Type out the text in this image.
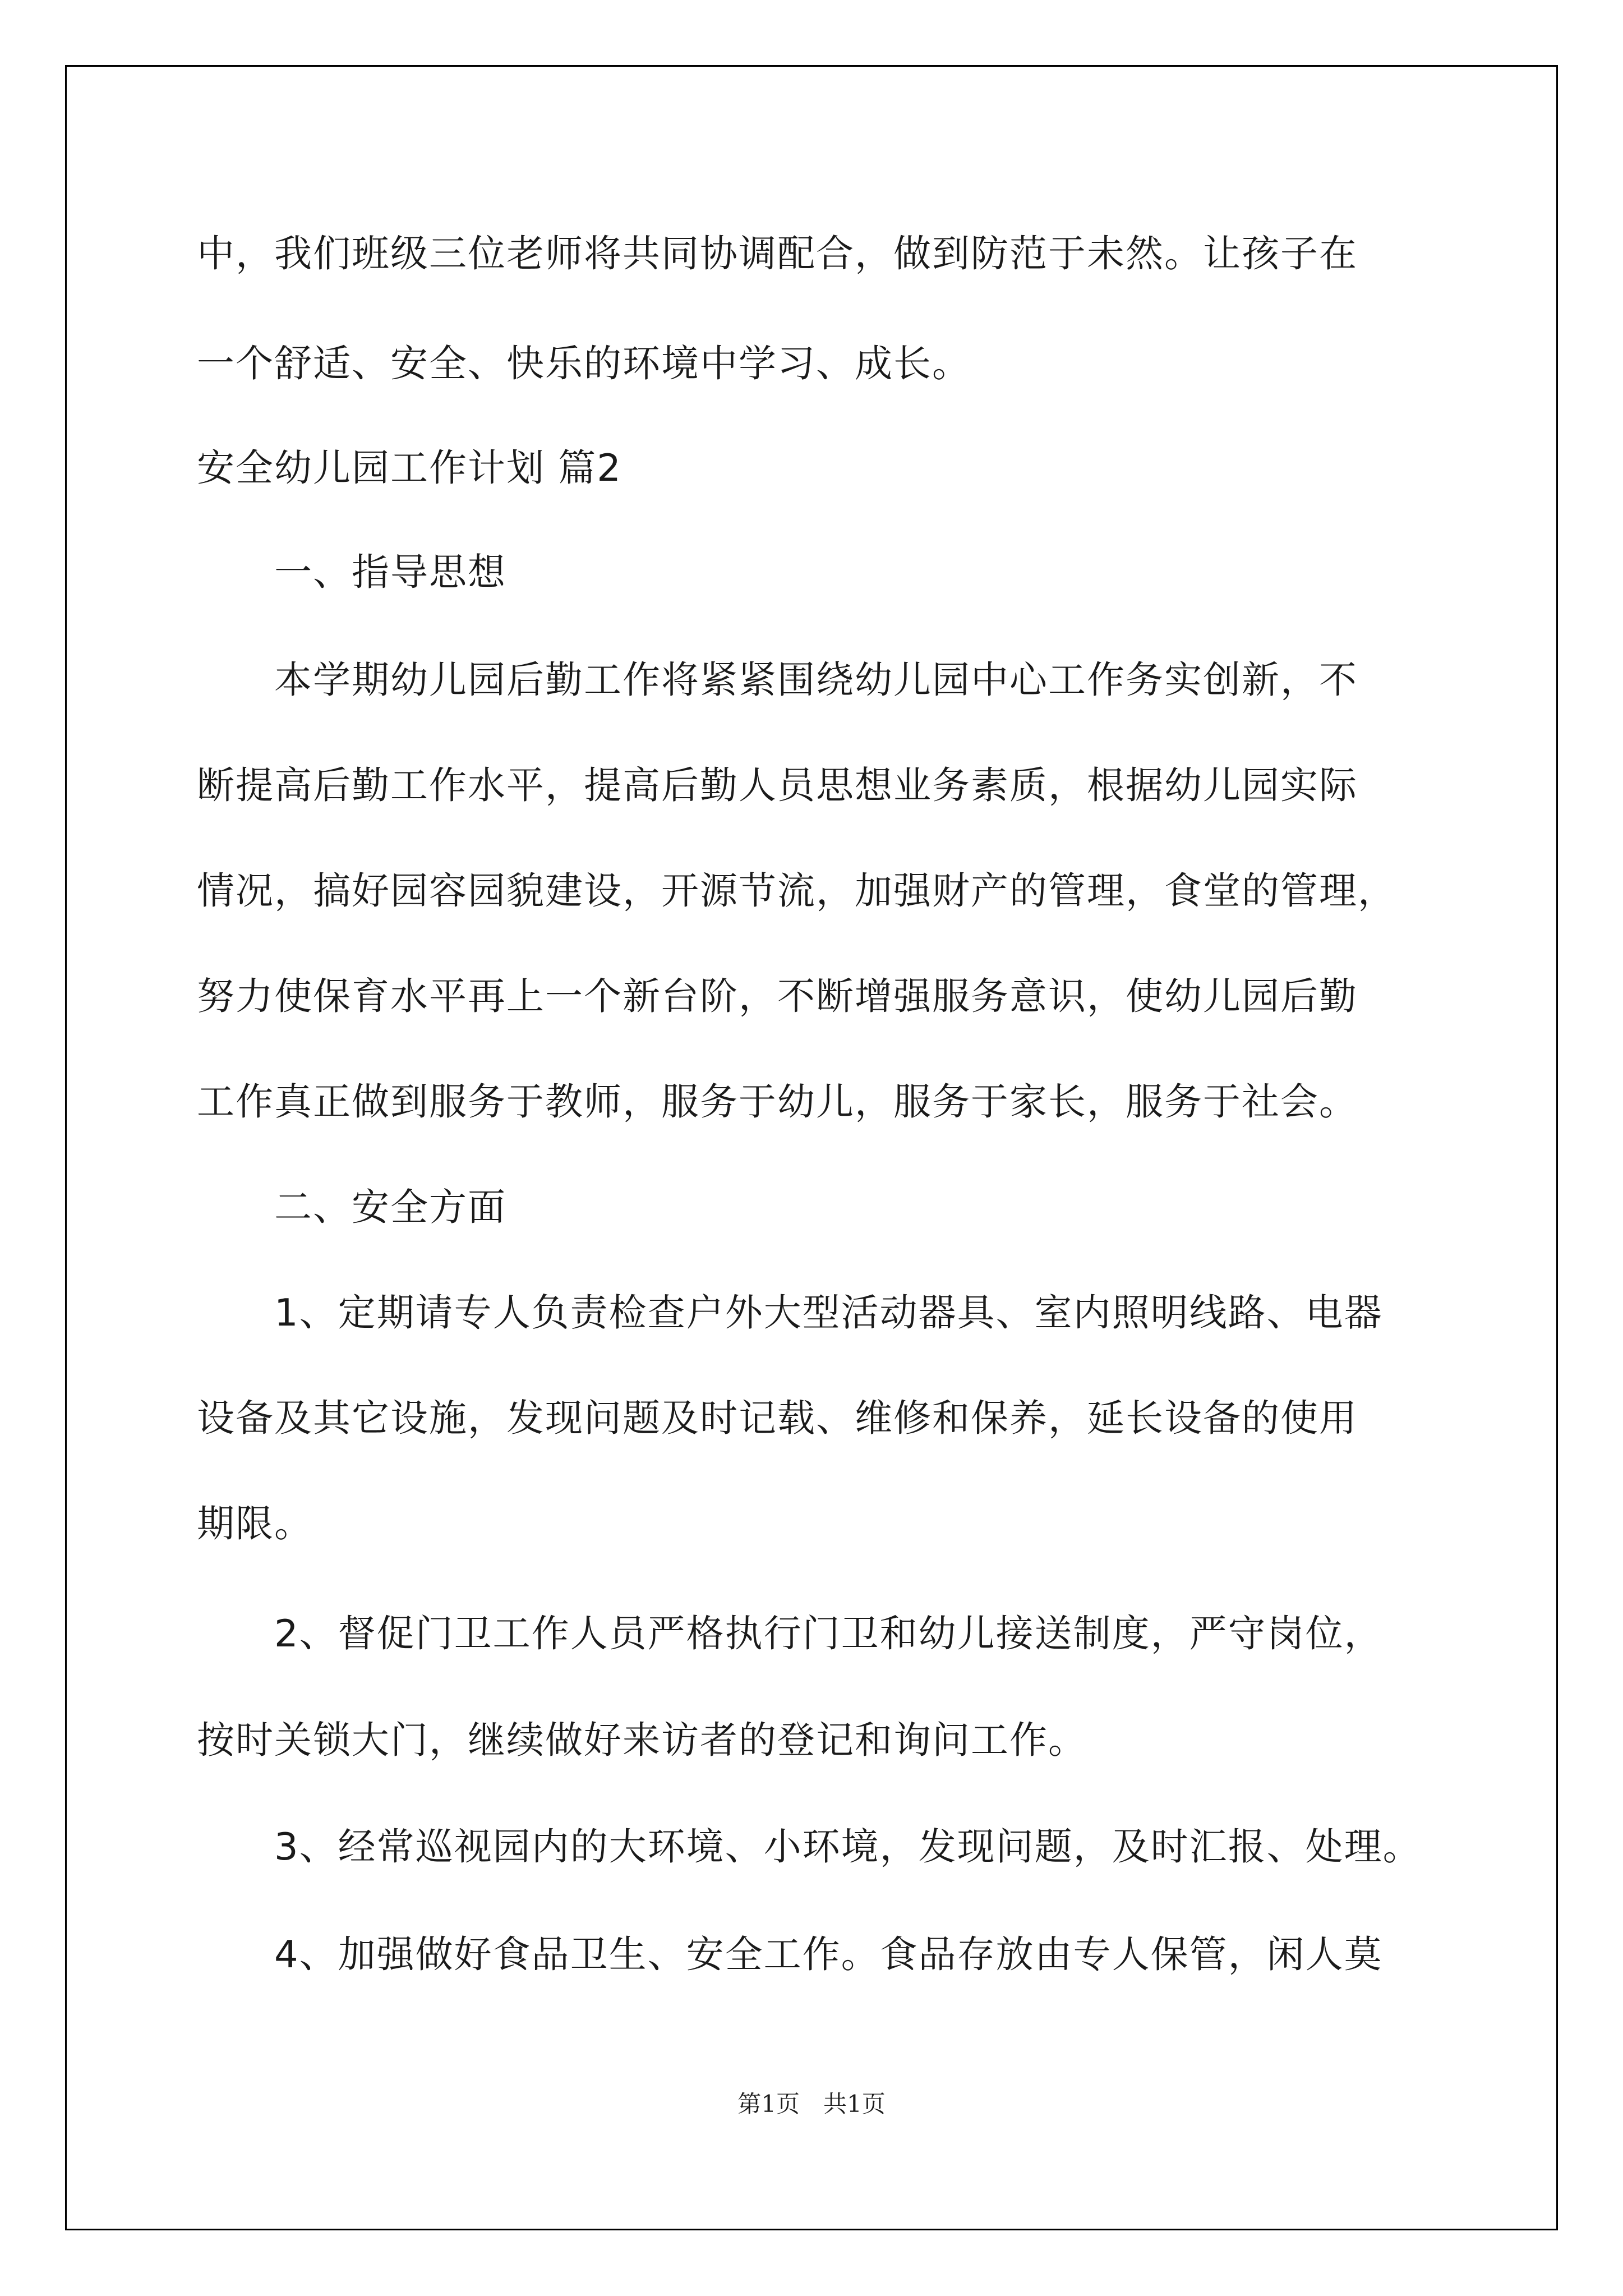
中，我们班级三位老师将共同协调配合，做到防范于未然。让孩子在
一个舒适、安全、快乐的环境中学习、成长。
安全幼儿园工作计划 篇2
　　一、指导思想
　　本学期幼儿园后勤工作将紧紧围绕幼儿园中心工作务实创新，不
断提高后勤工作水平，提高后勤人员思想业务素质，根据幼儿园实际
情况，搞好园容园貌建设，开源节流，加强财产的管理，食堂的管理，
努力使保育水平再上一个新台阶，不断增强服务意识，使幼儿园后勤
工作真正做到服务于教师，服务于幼儿，服务于家长，服务于社会。
　　二、安全方面
　　1、定期请专人负责检查户外大型活动器具、室内照明线路、电器
设备及其它设施，发现问题及时记载、维修和保养，延长设备的使用
期限。
　　2、督促门卫工作人员严格执行门卫和幼儿接送制度，严守岗位，
按时关锁大门，继续做好来访者的登记和询问工作。
　　3、经常巡视园内的大环境、小环境，发现问题，及时汇报、处理。
　　4、加强做好食品卫生、安全工作。食品存放由专人保管，闲人莫
第1页　共1页
